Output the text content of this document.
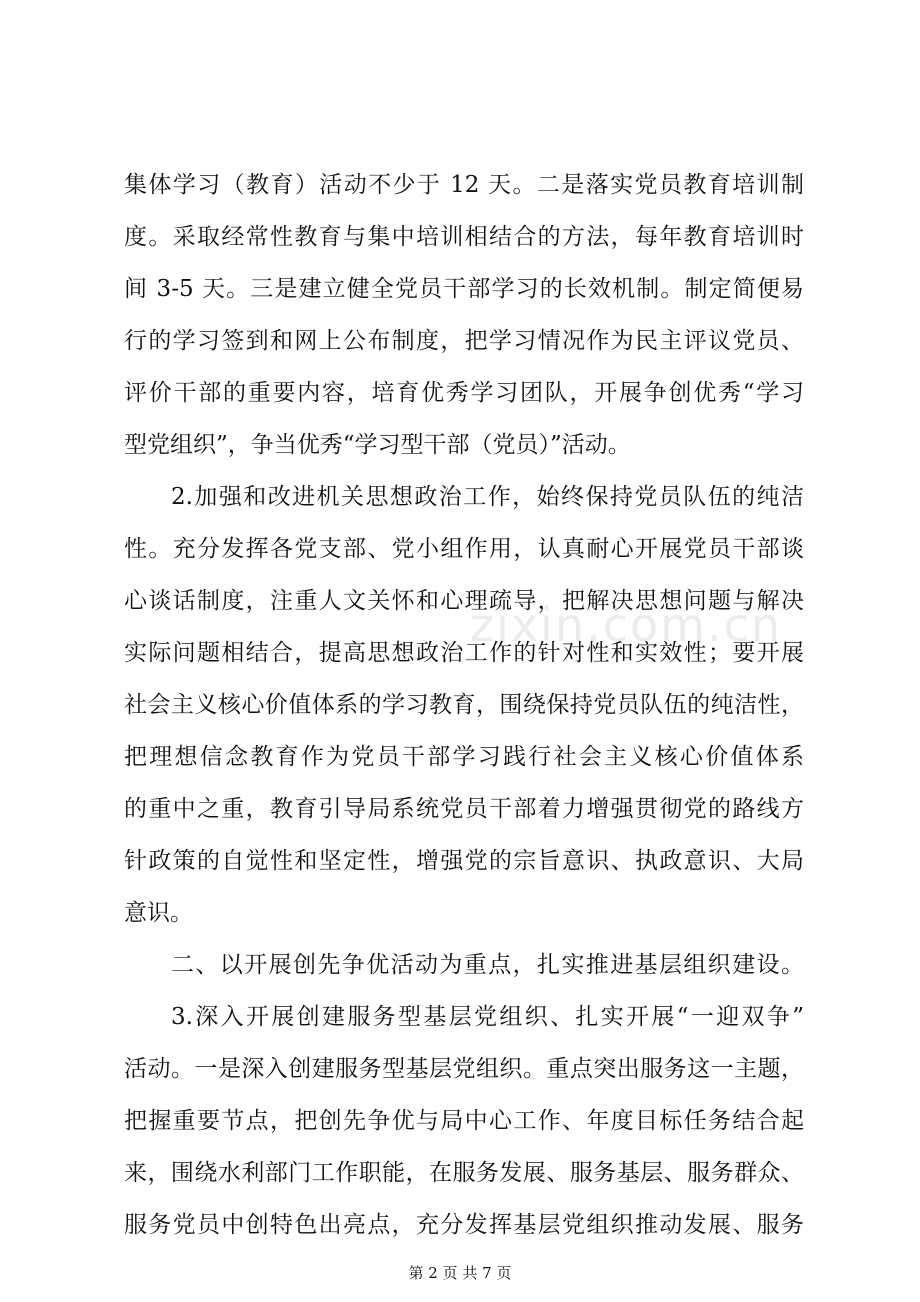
zixin.com.cn
集体学习（教育）活动不少于 12 天。二是落实党员教育培训制
度。采取经常性教育与集中培训相结合的方法，每年教育培训时
间 3-5 天。三是建立健全党员干部学习的长效机制。制定简便易
行的学习签到和网上公布制度，把学习情况作为民主评议党员、
评价干部的重要内容，培育优秀学习团队，开展争创优秀“学习
型党组织”，争当优秀“学习型干部（党员）”活动。
2.加强和改进机关思想政治工作，始终保持党员队伍的纯洁
性。充分发挥各党支部、党小组作用，认真耐心开展党员干部谈
心谈话制度，注重人文关怀和心理疏导，把解决思想问题与解决
实际问题相结合，提高思想政治工作的针对性和实效性；要开展
社会主义核心价值体系的学习教育，围绕保持党员队伍的纯洁性，
把理想信念教育作为党员干部学习践行社会主义核心价值体系
的重中之重，教育引导局系统党员干部着力增强贯彻党的路线方
针政策的自觉性和坚定性，增强党的宗旨意识、执政意识、大局
意识。
二、以开展创先争优活动为重点，扎实推进基层组织建设。
3.深入开展创建服务型基层党组织、扎实开展“一迎双争”
活动。一是深入创建服务型基层党组织。重点突出服务这一主题，
把握重要节点，把创先争优与局中心工作、年度目标任务结合起
来，围绕水利部门工作职能，在服务发展、服务基层、服务群众、
服务党员中创特色出亮点，充分发挥基层党组织推动发展、服务
第 2 页 共 7 页
